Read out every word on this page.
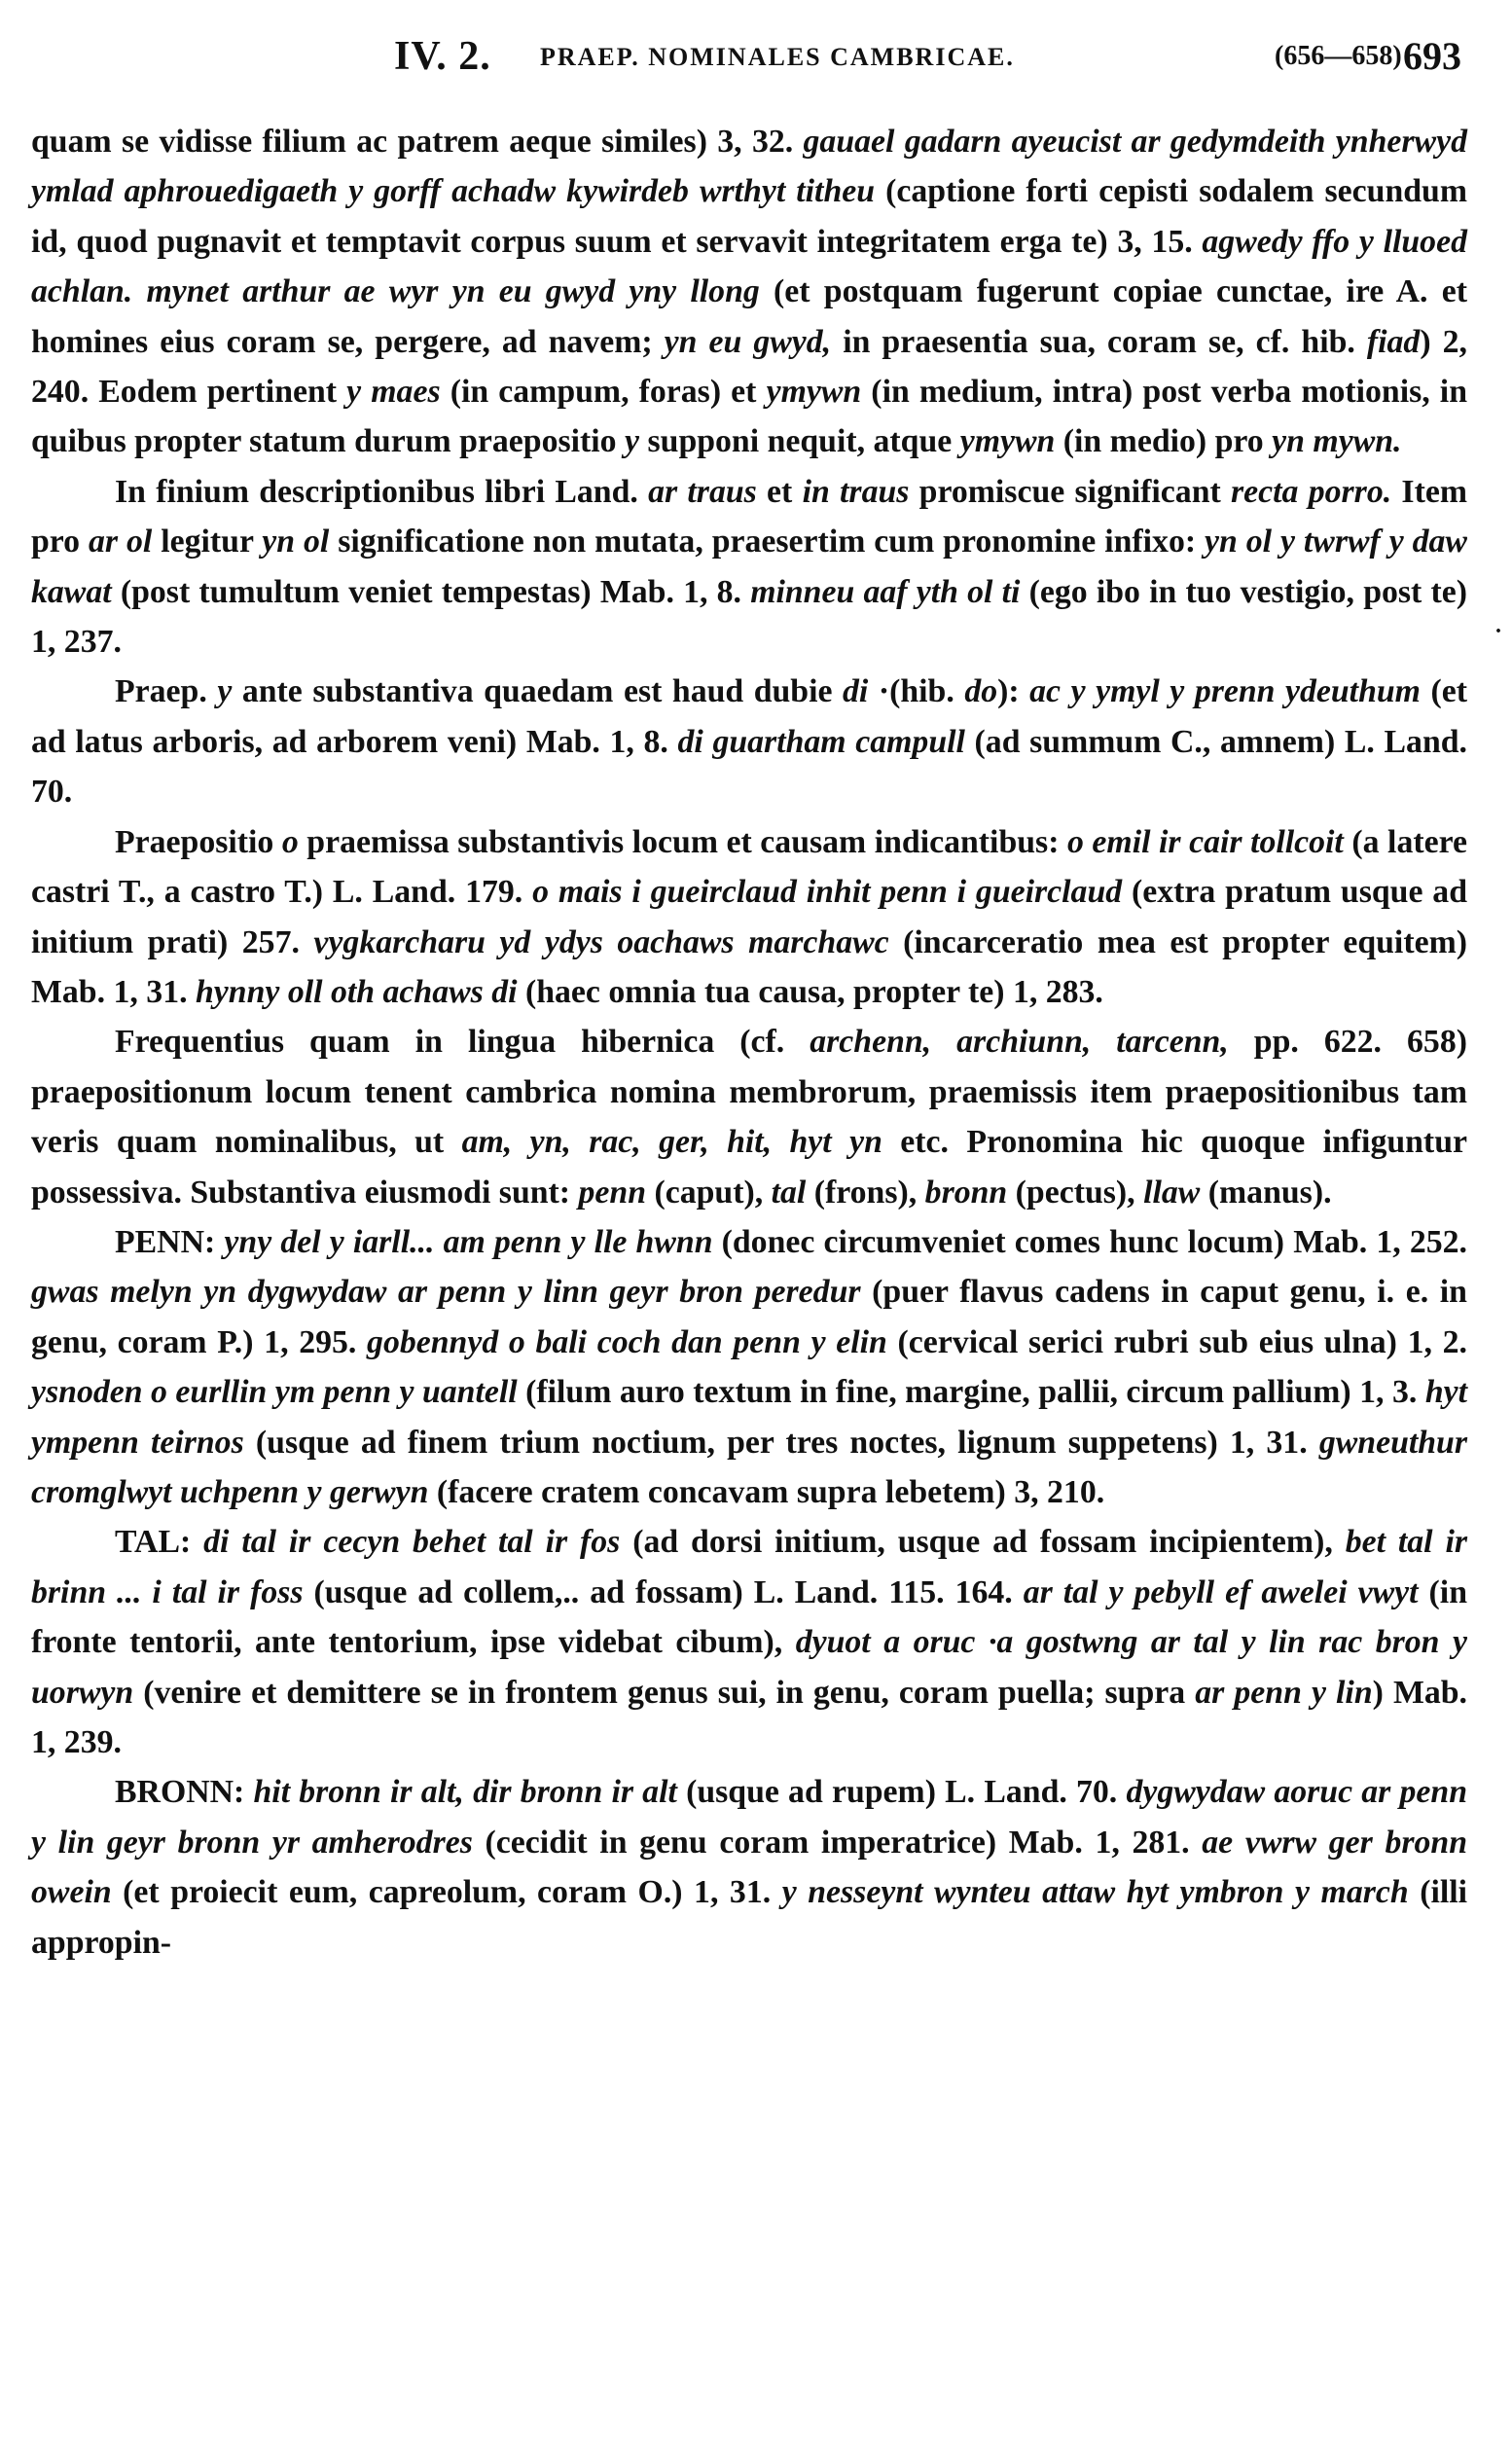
IV. 2. PRAEP. NOMINALES CAMBRICAE.	(656—658) 693

quam se vidisse filium ac patrem aeque similes) 3, 32. gauael gadarn ayeucist ar gedymdeith ynherwyd ymlad aphrouedigaeth y gorff achadw kywirdeb wrthyt titheu (captione forti cepisti sodalem secundum id, quod pugnavit et temptavit corpus suum et servavit integritatem erga te) 3, 15. agwedy ffo y lluoed achlan. mynet arthur ae wyr yn eu gwyd yny llong (et postquam fugerunt copiae cunctae, ire A. et homines eius coram se, pergere, ad navem; yn eu gwyd, in praesentia sua, coram se, cf. hib. fiad) 2, 240. Eodem pertinent y maes (in campum, foras) et ymywn (in medium, intra) post verba motionis, in quibus propter statum durum praepositio y supponi nequit, atque ymywn (in medio) pro yn mywn.

In finium descriptionibus libri Land. ar traus et in traus promiscue significant recta porro. Item pro ar ol legitur yn ol significatione non mutata, praesertim cum pronomine infixo: yn ol y twrwf y daw kawat (post tumultum veniet tempestas) Mab. 1, 8. minneu aaf yth ol ti (ego ibo in tuo vestigio, post te) 1, 237.

Praep. y ante substantiva quaedam est haud dubie di ·(hib. do): ac y ymyl y prenn ydeuthum (et ad latus arboris, ad arborem veni) Mab. 1, 8. di guartham campull (ad summum C., amnem) L. Land. 70.

Praepositio o praemissa substantivis locum et causam indicantibus: o emil ir cair tollcoit (a latere castri T., a castro T.) L. Land. 179. o mais i gueirclaud inhit penn i gueirclaud (extra pratum usque ad initium prati) 257. vygkarcharu yd ydys oachaws marchawc (incarceratio mea est propter equitem) Mab. 1, 31. hynny oll oth achaws di (haec omnia tua causa, propter te) 1, 283.

Frequentius quam in lingua hibernica (cf. archenn, archiunn, tarcenn, pp. 622. 658) praepositionum locum tenent cambrica nomina membrorum, praemissis item praepositionibus tam veris quam nominalibus, ut am, yn, rac, ger, hit, hyt yn etc. Pronomina hic quoque infiguntur possessiva. Substantiva eiusmodi sunt: penn (caput), tal (frons), bronn (pectus), llaw (manus).

PENN: yny del y iarll... am penn y lle hwnn (donec circumveniet comes hunc locum) Mab. 1, 252. gwas melyn yn dygwydaw ar penn y linn geyr bron peredur (puer flavus cadens in caput genu, i. e. in genu, coram P.) 1, 295. gobennyd o bali coch dan penn y elin (cervical serici rubri sub eius ulna) 1, 2. ysnoden o eurllin ym penn y uantell (filum auro textum in fine, margine, pallii, circum pallium) 1, 3. hyt ympenn teirnos (usque ad finem trium noctium, per tres noctes, lignum suppetens) 1, 31. gwneuthur cromglwyt uchpenn y gerwyn (facere cratem concavam supra lebetem) 3, 210.

TAL: di tal ir cecyn behet tal ir fos (ad dorsi initium, usque ad fossam incipientem), bet tal ir brinn ... i tal ir foss (usque ad collem,.. ad fossam) L. Land. 115. 164. ar tal y pebyll ef awelei vwyt (in fronte tentorii, ante tentorium, ipse videbat cibum), dyuot a oruc ·a gostwng ar tal y lin rac bron y uorwyn (venire et demittere se in frontem genus sui, in genu, coram puella; supra ar penn y lin) Mab. 1, 239.

BRONN: hit bronn ir alt, dir bronn ir alt (usque ad rupem) L. Land. 70. dygwydaw aoruc ar penn y lin geyr bronn yr amherodres (cecidit in genu coram imperatrice) Mab. 1, 281. ae vwrw ger bronn owein (et proiecit eum, capreolum, coram O.) 1, 31. y nesseynt wynteu attaw hyt ymbron y march (illi appropin-

·
